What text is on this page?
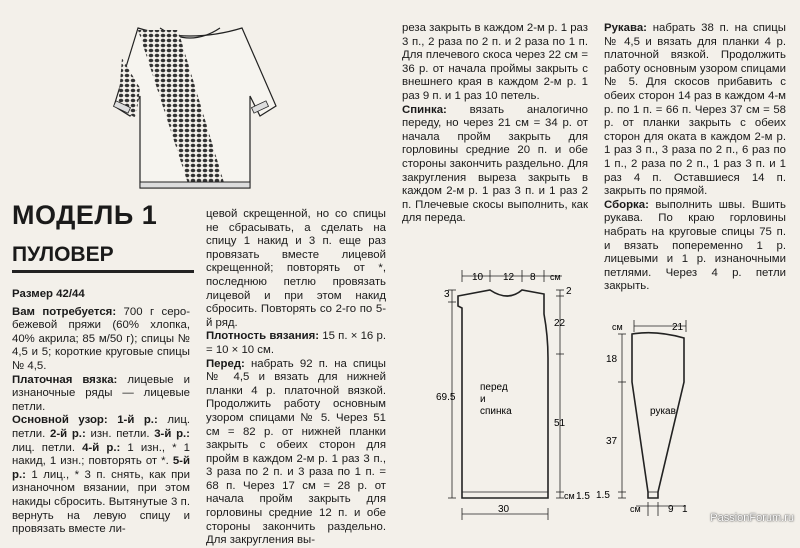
МОДЕЛЬ 1
ПУЛОВЕР

Размер 42/44

Вам потребуется: 700 г серо-бежевой пряжи (60% хлопка, 40% акрила; 85 м/50 г); спицы № 4,5 и 5; короткие круговые спицы № 4,5.

Платочная вязка: лицевые и изнаночные ряды — лицевые петли.

Основной узор: 1-й р.: лиц. петли. 2-й р.: изн. петли. 3-й р.: лиц. петли. 4-й р.: 1 изн., * 1 накид, 1 изн.; повторять от *. 5-й р.: 1 лиц., * 3 п. снять, как при изнаночном вязании, при этом накиды сбросить. Вытянутые 3 п. вернуть на левую спицу и провязать вместе ли-

цевой скрещенной, но со спицы не сбрасывать, а сделать на спицу 1 накид и 3 п. еще раз провязать вместе лицевой скрещенной; повторять от *, последнюю петлю провязать лицевой и при этом накид сбросить. Повторять со 2-го по 5-й ряд.

Плотность вязания: 15 п. × 16 р. = 10 × 10 см.

Перед: набрать 92 п. на спицы № 4,5 и вязать для нижней планки 4 р. платочной вязкой. Продолжить работу основным узором спицами № 5. Через 51 см = 82 р. от нижней планки закрыть с обеих сторон для пройм в каждом 2-м р. 1 раз 3 п., 3 раза по 2 п. и 3 раза по 1 п. = 68 п. Через 17 см = 28 р. от начала пройм закрыть для горловины средние 12 п. и обе стороны закончить раздельно. Для закругления вы-

реза закрыть в каждом 2-м р. 1 раз 3 п., 2 раза по 2 п. и 2 раза по 1 п. Для плечевого скоса через 22 см = 36 р. от начала проймы закрыть с внешнего края в каждом 2-м р. 1 раз 9 п. и 1 раз 10 петель.

Спинка: вязать аналогично переду, но через 21 см = 34 р. от начала пройм закрыть для горловины средние 20 п. и обе стороны закончить раздельно. Для закругления выреза закрыть в каждом 2-м р. 1 раз 3 п. и 1 раз 2 п. Плечевые скосы выполнить, как для переда.

Рукава: набрать 38 п. на спицы № 4,5 и вязать для планки 4 р. платочной вязкой. Продолжить работу основным узором спицами № 5. Для скосов прибавить с обеих сторон 14 раз в каждом 4-м р. по 1 п. = 66 п. Через 37 см = 58 р. от планки закрыть с обеих сторон для оката в каждом 2-м р. 1 раз 3 п., 3 раза по 2 п., 6 раз по 1 п., 2 раза по 2 п., 1 раз 3 п. и 1 раз 4 п. Оставшиеся 14 п. закрыть по прямой.

Сборка: выполнить швы. Вшить рукава. По краю горловины набрать на круговые спицы 75 п. и вязать попеременно 1 р. лицевыми и 1 р. изнаночными петлями. Через 4 р. петли закрыть.

10 12 8 см
3
69.5
2
22
51
см 1.5
30
перед
и
спинка
см	21
18
37
1.5
см	9 1
рукав
PassionForum.ru
